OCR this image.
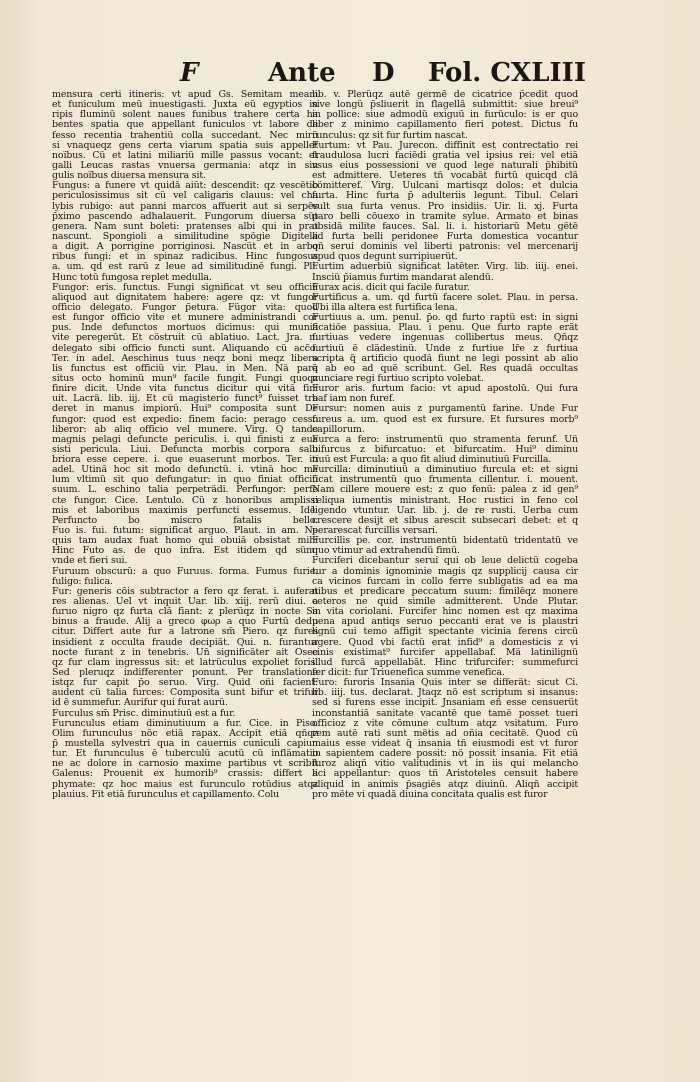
F	Ante D Fol. CXLIII
mensura certi itineris: vt apud Gs. Semitam meam
et funiculum meũ inuestigasti. Juxta eũ egyptios in
ripis fluminũ solent naues funibus trahere certa ha
bentes spatia que appellant funiculos vt labore de
fesso recentia trahentiũ colla succedant. Nec mirũ
si vnaqueqz gens certa viarum spatia suis appellet
noĩbus. Cũ et latini miliariũ mille passus vocant: et
galli Leucas rastas vnuersa germania: atqz in sin
gulis noĩbus diuersa mensura sit.
Fungus: a funere vt quidã aiũt: descendit: qz vescẽtib
periculosissimus sit cũ vel caligaris clauus: vel cha
lybis rubigo: aut panni marcos affuerit aut si serpẽs
p̄ximo pascendo adhalauerit. Fungorum diuersa sũt
genera. Nam sunt boleti: pratenses albi qui in prat
nascunt. Spongioli a similitudine spõgie Digitelli
a digit. A porrigine porriginosi. Nascũt et in arbo
ribus fungi: et in spinaz radicibus. Hinc fungosus
a. um. qd est rarũ z leue ad similitudinẽ fungi. Pli.
Hunc totũ fungosa replet medulla.
Fungor: eris. functus. Fungi significat vt seu officiũ
aliquod aut dignitatem habere: agere qz: vt fungor
officio delegato. Fungor p̄etura. Fũgor vita: quod
est fungor officio vite et munere administrandi cor
pus. Inde defunctos mortuos dicimus: qui munia
vite peregerũt. Et cõstruit cũ ablatiuo. Lact. Jra. n.
delegato sibi officio functi sunt. Aliquando cũ acc̃o.
Ter. in adel. Aeschinus tuus neqz boni meqz libera
lis functus est officiũ vir. Plau. in Men. Nã para
situs octo hominũ mun⁹ facile fungit. Fungi quoqz
finire dicit. Unde vita functus dicitur qui vitã fini
uit. Lacrã. lib. iij. Et cũ magisterio funct⁹ fuisset tra
deret in manus impiorũ. Hui⁹ composita sunt De
fungor: quod est expedio: finem facio: perago cesso
liberor: ab aliq officio vel munere. Virg. Q tande
magnis pelagi defuncte periculis. i. qui finisti z eua
sisti pericula. Liui. Defuncta morbis corpora salu
briora esse cepere. i. que euaserunt morbos. Ter. in
adel. Utinã hoc sit modo defunctũ. i. vtinã hoc ma
lum vltimũ sit quo defungatur: in quo finiat officiũ
suum. L. eschino talia perpetrãdi. Perfungor: perfe
cte fungor. Cice. Lentulo. Cũ z honoribus amplissi
mis et laboribus maximis perfuncti essemus. Idẽ.
Perfuncto bo miscro fatalis bello.
Fuo is. fui. futum: significat arguo. Plaut. in am. Ne
quis tam audax fuat homo qui obuiã obsistat mihi
Hinc Futo as. de quo infra. Est itidem qd sũm:
vnde et fieri sui.
Furuum obscurũ: a quo Furuus. forma. Fumus furie.
fuligo: fulica.
Fur: generis cõis subtractor a fero qz ferat. i. auferat
res alienas. Uel vt inquit Uar. lib. xiij. rerũ diui. a
furuo nigro qz furta clã fiant: z plerũqz in nocte Sa
binus a fraude. Alij a greco φωρ a quo Furtũ dedu
citur. Differt aute fur a latrone sm̃ Piero. qz fures
insidient z occulta fraude decipiãt. Qui. n. furantur
nocte furant z in tenebris. Ũn̄ significãter ait Osee
qz fur clam ingressus sit: et latrũculus expoliet foris.
Sed pleruqz indifferenter ponunt. Per translatione
istqz fur capit p̄o seruo. Virg. Quid oñi facient:
audent cũ talia furces: Composita sunt bifur et trifur
id ẽ summefur. Aurifur qui furat aurũ.
Furculus sm̃ Prisc. diminutiuũ est a fur.
Furunculus etiam diminutiuum a fur. Cice. in Piso.
Olim furunculus nõc etiã rapax. Accipit etiã qñqz
p̄ mustella sylvestri qua in cauernis cuniculi capiun
tur. Et furunculus ẽ tuberculũ acutũ cũ inflãmatio
ne ac dolore in carnosio maxime partibus vt scribit
Galenus: Prouenit ex humorib⁹ crassis: differt a
phymate: qz hoc maius est furunculo rotũdius atqz
plauius. Fit etiã furunculus et capillamento. Colu
lib. v. Plerũqz autẽ germẽ de cicatrice p̄cedit quod
sive longũ p̄sliuerit in flagellã submittit: siue breui⁹
in pollice: siue admodũ exiguũ in furũculo: is er quo
liber z minimo capillamento fieri potest. Dictus fu
runculus: qz sit fur furtim nascat.
Furtum: vt Pau. Jurecon. diffinit est contrectatio rei
fraudulosa lucri faciẽdi gratia vel ipsius rei: vel etiã
vsus eius possessioni ve quod lege naturali p̄hibitũ
est admittere. Ueteres tñ vocabãt furtũ quicqd clã
cõmitteref. Virg. Uulcani martisqz dolos: et dulcia
furta. Hinc furta p̄ adulteriis legunt. Tibul. Celari
vult sua furta venus. Pro insidiis. Uir. li. xj. Furta
paro belli cõuexo in tramite sylue. Armato et binas
obsidã milite fauces. Sal. li. i. historiarũ Metu gẽtẽ
ad furta belli peridonee Furta domestica vocantur
qñ serui dominis vel liberti patronis: vel mercenarij
apud quos degunt surripiuerũt.
Furtim aduerbiũ significat latẽter. Virg. lib. iiij. enei.
Insciũ p̄iamus furtim mandarat alendũ.
Furax acis. dicit qui facile furatur.
Furtificus a. um. qd furtũ facere solet. Plau. in persa.
Ubi illa altera est furtifica lena.
Furtiuus a. um. penul. p̄o. qd furto raptũ est: in signi
ficatiõe passiua. Plau. i penu. Que furto rapte erãt
furtiuas vedere ingenuas collibertus meus. Qñqz
furtiuũ ẽ clãdestinũ. Unde z furtiue lr̃e z furtiua
scripta q̃ artificio quodã fiunt ne legi possint ab alio
q̃ ab eo ad quẽ scribunt. Gel. Res quadã occultas
nunciare regi furtiuo scripto volebat.
Furor aris. furtum facio: vt apud apostolũ. Qui fura
baf iam non furef.
Fursur: nomen auis z purgamentũ farine. Unde Fur
fureus a. um. quod est ex fursure. Et fursures morb⁹
capillorum.
Furca a fero: instrumentũ quo stramenta ferunf. Ũñ
bifurcus z bifurcatuo: et bifurcatim. Hui⁹ diminu
tiuũ est Furcula: a quo fit aliud diminutiuũ Furcilla.
Furcilla: diminutiuũ a diminutiuo furcula et: et signi
ficat instrumentũ quo frumenta cillentur. i. mouent.
Nam cillere mouere est: z quo fenũ: palea z id gen⁹
reliqua iumentis ministrant. Hoc rustici in feno col
ligendo vtuntur. Uar. lib. j. de re rusti. Uerba cum
crescere desijt et sibus arescit subsecari debet: et q
perarescat furcillis versari.
Furcillis pe. cor. instrumentũ bidentatũ tridentatũ ve
quo vtimur ad extrahendũ fimũ.
Furciferi dicebantur serui qui ob leue delictũ cogeba
tur a dominis ignominie magis qz supplicij causa cir
ca vicinos furcam in collo ferre subligatis ad ea ma
nibus et predicare peccatum suum: fimilẽqz monere
ceteros ne quid simile admitterent. Unde Plutar.
in vita coriolani. Furcifer hinc nomen est qz maxima
pena apud antiqs seruo peccanti erat ve is plaustri
lignũ cui temo affigit spectante vicinia ferens circũ
agere. Quod vbi factũ erat infid⁹ a domesticis z vi
cinis existimat⁹ furcifer appellabaf. Mã latinilignũ
illud furcã appellabãt. Hinc trifurcifer: summefurci
fer dicit: fur Triuenefica summe venefica.
Furo: furoris Insania Quis inter se differãt: sicut Ci.
lib. iiij. tus. declarat. Jtaqz nõ est scriptum si insanus:
sed si furens esse incipit. Jnsaniam eñ esse censuerũt
inconstantiã sanitate vacantẽ que tamẽ posset tueri
officioz z vite cõmune cultum atqz vsitatum. Furo
rem autẽ rati sunt mẽtis ad oñia cecitatẽ. Quod cũ
maius esse videat q̃ insania tñ eiusmodi est vt furor
in sapientem cadere possit: nõ possit insania. Fit etiã
furoz aliqñ vitio valitudinis vt in iis qui melancho
lici appellantur: quos tñ Aristoteles censuit habere
aliquid in animis p̄sagiẽs atqz diuinũ. Aliqñ accipit
pro mẽte vi quadã diuina concitata qualis est furor
